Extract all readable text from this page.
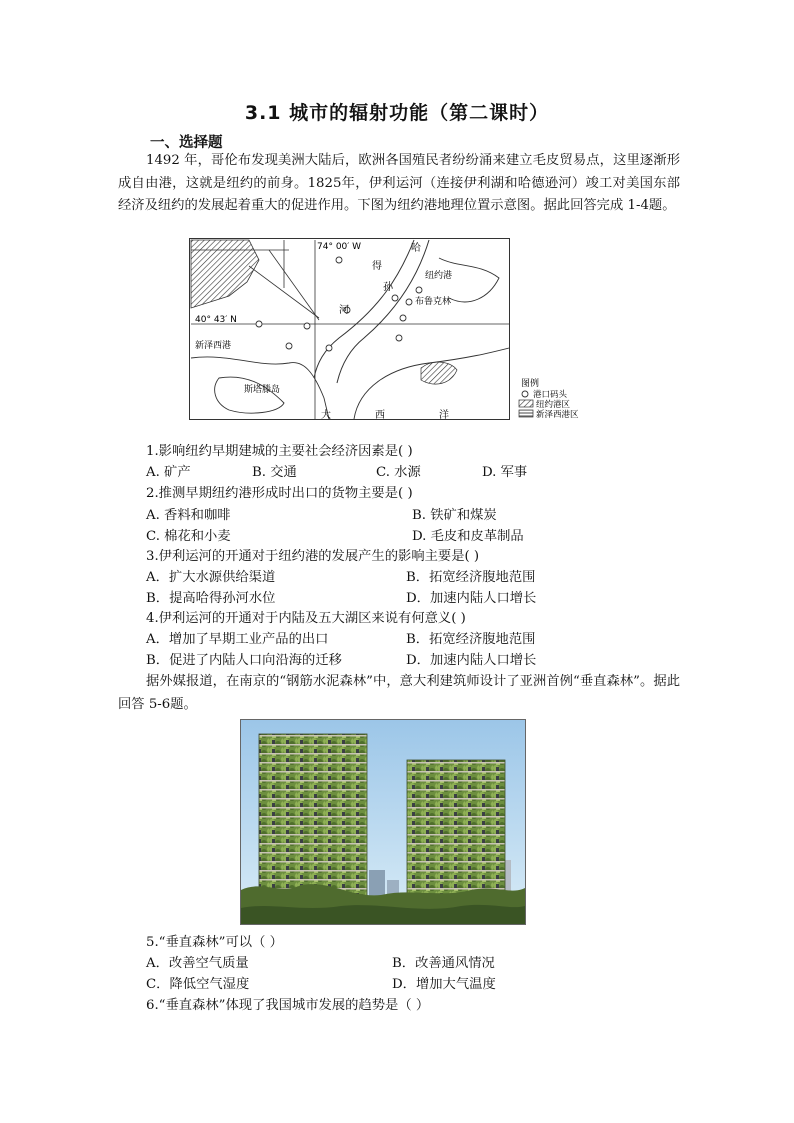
3.1 城市的辐射功能（第二课时）
一、选择题
1492 年，哥伦布发现美洲大陆后，欧洲各国殖民者纷纷涌来建立毛皮贸易点，这里逐渐形成自由港，这就是纽约的前身。1825年，伊利运河（连接伊利湖和哈德逊河）竣工对美国东部经济及纽约的发展起着重大的促进作用。下图为纽约港地理位置示意图。据此回答完成 1-4题。
74° 00′ W	哈
得
孙
河
纽约港
布鲁克林
40° 43′ N
新泽西港
斯塔滕岛
大	西	洋
图例
港口码头
纽约港区
新泽西港区
1.影响纽约早期建城的主要社会经济因素是( )
A. 矿产	B. 交通	C. 水源	D. 军事
2.推测早期纽约港形成时出口的货物主要是( )
A. 香料和咖啡	B. 铁矿和煤炭
C. 棉花和小麦	D. 毛皮和皮革制品
3.伊利运河的开通对于纽约港的发展产生的影响主要是( )
A．扩大水源供给渠道	B．拓宽经济腹地范围
B．提高哈得孙河水位	D．加速内陆人口增长
4.伊利运河的开通对于内陆及五大湖区来说有何意义( )
A．增加了早期工业产品的出口	B．拓宽经济腹地范围
B．促进了内陆人口向沿海的迁移	D．加速内陆人口增长
据外媒报道，在南京的“钢筋水泥森林”中，意大利建筑师设计了亚洲首例“垂直森林”。据此回答 5-6题。
5.“垂直森林”可以（ ）
A．改善空气质量	B．改善通风情况
C．降低空气湿度	D．增加大气温度
6.“垂直森林”体现了我国城市发展的趋势是（ ）
